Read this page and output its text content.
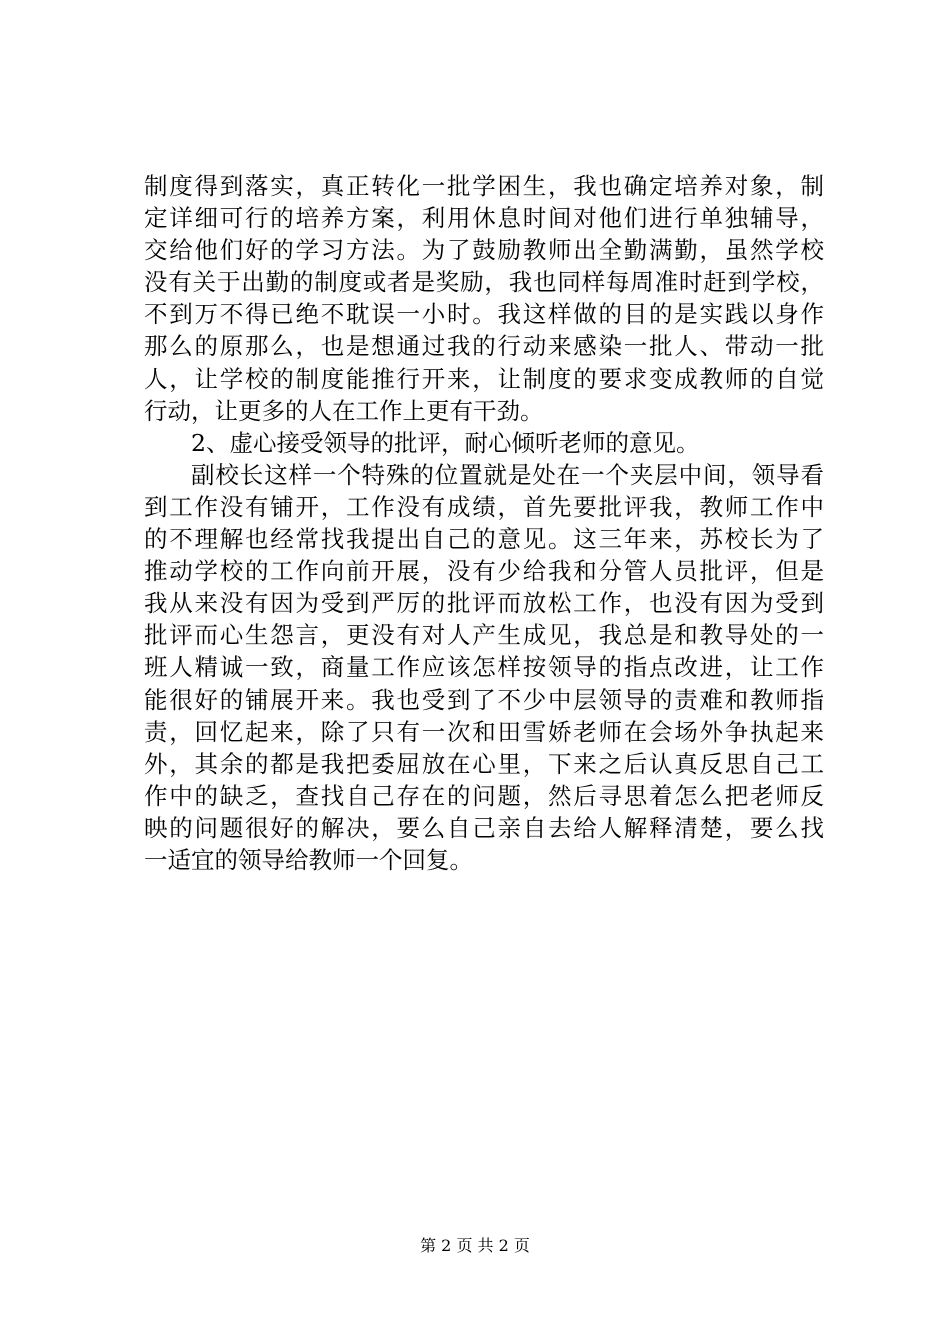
制度得到落实，真正转化一批学困生，我也确定培养对象，制
定详细可行的培养方案，利用休息时间对他们进行单独辅导，
交给他们好的学习方法。为了鼓励教师出全勤满勤，虽然学校
没有关于出勤的制度或者是奖励，我也同样每周准时赶到学校，
不到万不得已绝不耽误一小时。我这样做的目的是实践以身作
那么的原那么，也是想通过我的行动来感染一批人、带动一批
人，让学校的制度能推行开来，让制度的要求变成教师的自觉
行动，让更多的人在工作上更有干劲。
2、虚心接受领导的批评，耐心倾听老师的意见。
副校长这样一个特殊的位置就是处在一个夹层中间，领导看
到工作没有铺开，工作没有成绩，首先要批评我，教师工作中
的不理解也经常找我提出自己的意见。这三年来，苏校长为了
推动学校的工作向前开展，没有少给我和分管人员批评，但是
我从来没有因为受到严厉的批评而放松工作，也没有因为受到
批评而心生怨言，更没有对人产生成见，我总是和教导处的一
班人精诚一致，商量工作应该怎样按领导的指点改进，让工作
能很好的铺展开来。我也受到了不少中层领导的责难和教师指
责，回忆起来，除了只有一次和田雪娇老师在会场外争执起来
外，其余的都是我把委屈放在心里，下来之后认真反思自己工
作中的缺乏，查找自己存在的问题，然后寻思着怎么把老师反
映的问题很好的解决，要么自己亲自去给人解释清楚，要么找
一适宜的领导给教师一个回复。
第 2 页 共 2 页
